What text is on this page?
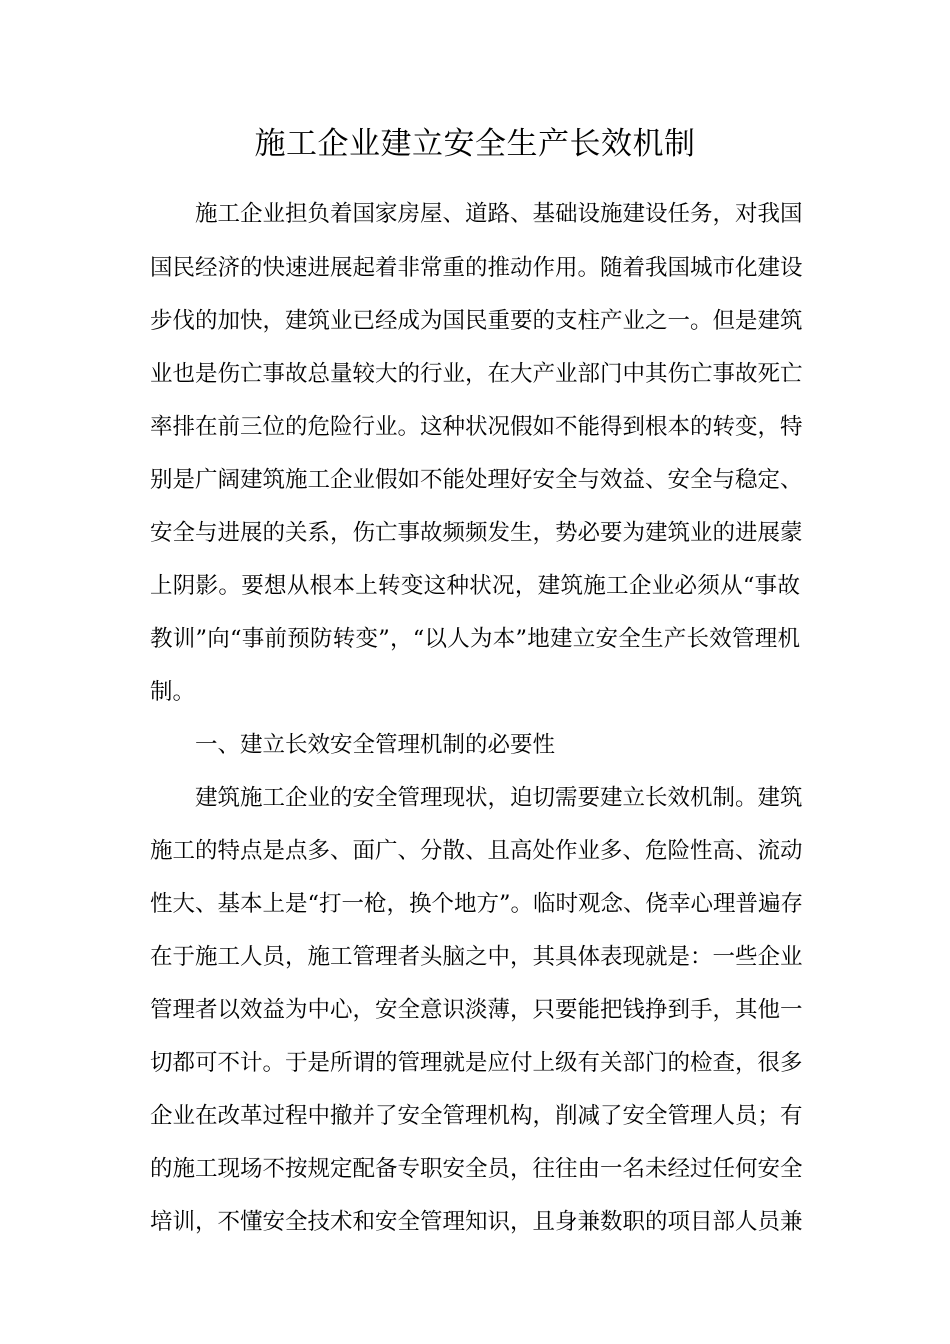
施工企业建立安全生产长效机制
施工企业担负着国家房屋、道路、基础设施建设任务，对我国
国民经济的快速进展起着非常重的推动作用。随着我国城市化建设
步伐的加快，建筑业已经成为国民重要的支柱产业之一。但是建筑
业也是伤亡事故总量较大的行业，在大产业部门中其伤亡事故死亡
率排在前三位的危险行业。这种状况假如不能得到根本的转变，特
别是广阔建筑施工企业假如不能处理好安全与效益、安全与稳定、
安全与进展的关系，伤亡事故频频发生，势必要为建筑业的进展蒙
上阴影。要想从根本上转变这种状况，建筑施工企业必须从“事故
教训”向“事前预防转变”，“以人为本”地建立安全生产长效管理机
制。
一、建立长效安全管理机制的必要性
建筑施工企业的安全管理现状，迫切需要建立长效机制。建筑
施工的特点是点多、面广、分散、且高处作业多、危险性高、流动
性大、基本上是“打一枪，换个地方”。临时观念、侥幸心理普遍存
在于施工人员，施工管理者头脑之中，其具体表现就是：一些企业
管理者以效益为中心，安全意识淡薄，只要能把钱挣到手，其他一
切都可不计。于是所谓的管理就是应付上级有关部门的检查，很多
企业在改革过程中撤并了安全管理机构，削减了安全管理人员；有
的施工现场不按规定配备专职安全员，往往由一名未经过任何安全
培训，不懂安全技术和安全管理知识，且身兼数职的项目部人员兼
